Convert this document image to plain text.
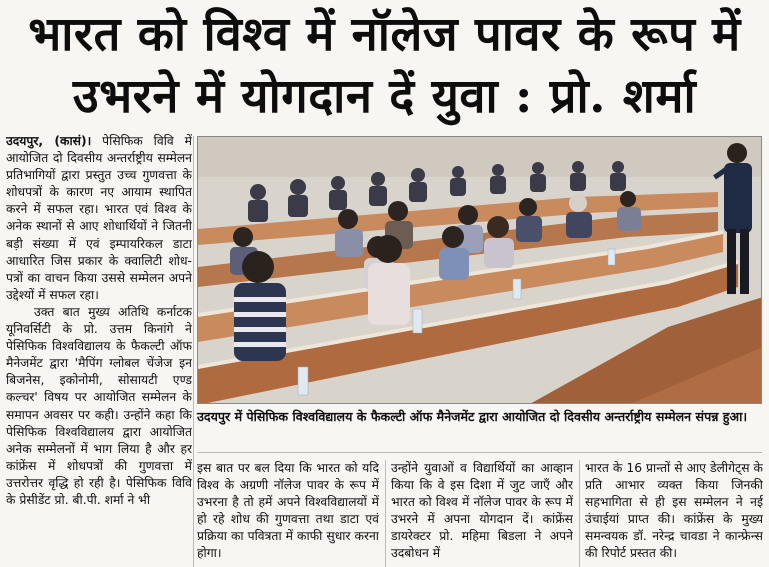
भारत को विश्व में नॉलेज पावर के रूप में
उभरने में योगदान दें युवा : प्रो. शर्मा

उदयपुर, (कासं)। पेसिफिक विवि में आयोजित दो दिवसीय अन्तर्राष्ट्रीय सम्मेलन प्रतिभागियों द्वारा प्रस्तुत उच्च गुणवत्ता के शोधपत्रों के कारण नए आयाम स्थापित करने में सफल रहा। भारत एवं विश्व के अनेक स्थानों से आए शोधार्थियों ने जितनी बड़ी संख्या में एवं इम्पायरिकल डाटा आधारित जिस प्रकार के क्वालिटी शोध-पत्रों का वाचन किया उससे सम्मेलन अपने उद्देश्यों में सफल रहा।

उक्त बात मुख्य अतिथि कर्नाटक यूनिवर्सिटी के प्रो. उत्तम किनांगे ने पेसिफिक विश्वविद्यालय के फैकल्टी ऑफ मैनेजमेंट द्वारा 'मैपिंग ग्लोबल चेंजेज इन बिजनेस, इकोनोमी, सोसायटी एण्ड कल्चर' विषय पर आयोजित सम्मेलन के समापन अवसर पर कही। उन्होंने कहा कि पेसिफिक विश्वविद्यालय द्वारा आयोजित अनेक सम्मेलनों में भाग लिया है और हर कांफ्रेंस में शोधपत्रों की गुणवत्ता में उत्तरोत्तर वृद्धि हो रही है। पेसिफिक विवि के प्रेसीडेंट प्रो. बी.पी. शर्मा ने भी

उदयपुर में पेसिफिक विश्वविद्यालय के फैकल्टी ऑफ मैनेजमेंट द्वारा आयोजित दो दिवसीय अन्तर्राष्ट्रीय सम्मेलन संपन्न हुआ।
इस बात पर बल दिया कि भारत को यदि विश्व के अग्रणी नॉलेज पावर के रूप में उभरना है तो हमें अपने विश्वविद्यालयों में हो रहे शोध की गुणवत्ता तथा डाटा एवं प्रक्रिया का पवित्रता में काफी सुधार करना होगा।
उन्होंने युवाओं व विद्यार्थियों का आव्हान किया कि वे इस दिशा में जुट जाएँ और भारत को विश्व में नॉलेज पावर के रूप में उभरने में अपना योगदान दें। कांफ्रेंस डायरेक्टर प्रो. महिमा बिडला ने अपने उदबोधन में
भारत के 16 प्रान्तों से आए डेलीगेट्स के प्रति आभार व्यक्त किया जिनकी सहभागिता से ही इस सम्मेलन ने नई उंचाईयां प्राप्त की। कांफ्रेंस के मुख्य समन्वयक डॉ. नरेन्द्र चावडा ने कान्फ्रेन्स की रिपोर्ट प्रस्तत की।
